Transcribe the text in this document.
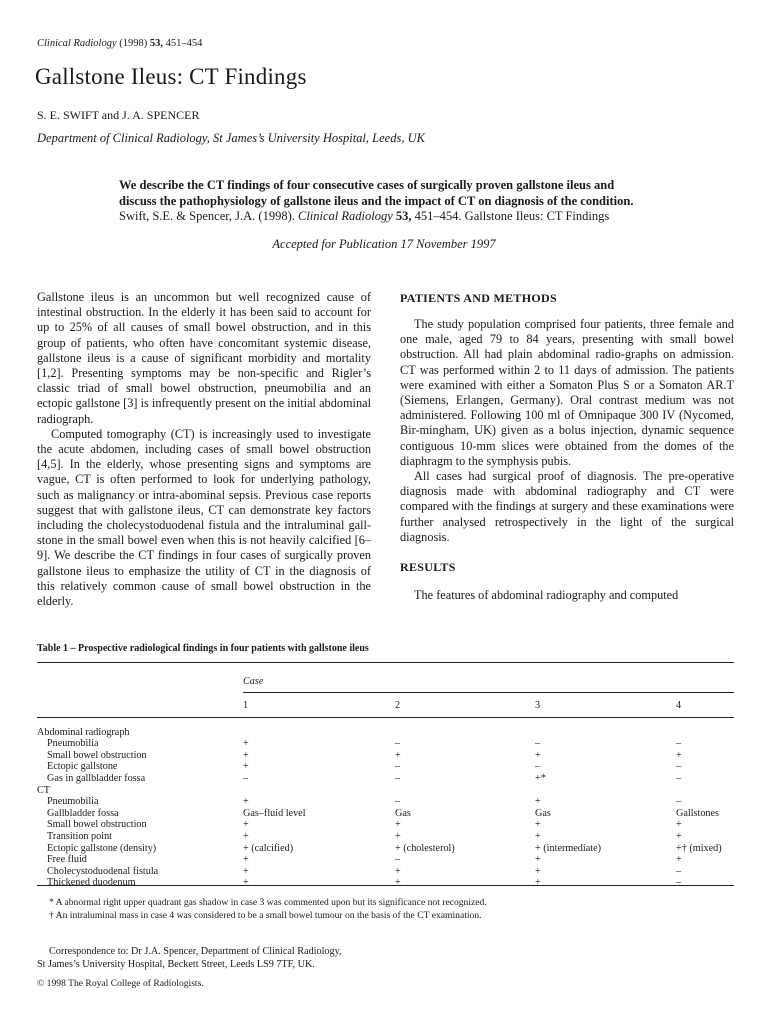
Clinical Radiology (1998) 53, 451–454
Gallstone Ileus: CT Findings
S. E. SWIFT and J. A. SPENCER
Department of Clinical Radiology, St James’s University Hospital, Leeds, UK
We describe the CT findings of four consecutive cases of surgically proven gallstone ileus and discuss the pathophysiology of gallstone ileus and the impact of CT on diagnosis of the condition. Swift, S.E. & Spencer, J.A. (1998). Clinical Radiology 53, 451–454. Gallstone Ileus: CT Findings
Accepted for Publication 17 November 1997

Gallstone ileus is an uncommon but well recognized cause of intestinal obstruction. In the elderly it has been said to account for up to 25% of all causes of small bowel obstruction, and in this group of patients, who often have concomitant systemic disease, gallstone ileus is a cause of significant morbidity and mortality [1,2]. Presenting symptoms may be non-specific and Rigler’s classic triad of small bowel obstruction, pneumobilia and an ectopic gallstone [3] is infrequently present on the initial abdominal radiograph.

Computed tomography (CT) is increasingly used to investigate the acute abdomen, including cases of small bowel obstruction [4,5]. In the elderly, whose presenting signs and symptoms are vague, CT is often performed to look for underlying pathology, such as malignancy or intra-abominal sepsis. Previous case reports suggest that with gallstone ileus, CT can demonstrate key factors including the cholecystoduodenal fistula and the intraluminal gall-stone in the small bowel even when this is not heavily calcified [6–9]. We describe the CT findings in four cases of surgically proven gallstone ileus to emphasize the utility of CT in the diagnosis of this relatively common cause of small bowel obstruction in the elderly.

PATIENTS AND METHODS

The study population comprised four patients, three female and one male, aged 79 to 84 years, presenting with small bowel obstruction. All had plain abdominal radio-graphs on admission. CT was performed within 2 to 11 days of admission. The patients were examined with either a Somaton Plus S or a Somaton AR.T (Siemens, Erlangen, Germany). Oral contrast medium was not administered. Following 100 ml of Omnipaque 300 IV (Nycomed, Bir-mingham, UK) given as a bolus injection, dynamic sequence contiguous 10-mm slices were obtained from the domes of the diaphragm to the symphysis pubis.

All cases had surgical proof of diagnosis. The pre-operative diagnosis made with abdominal radiography and CT were compared with the findings at surgery and these examinations were further analysed retrospectively in the light of the surgical diagnosis.

RESULTS

The features of abdominal radiography and computed

Table 1 – Prospective radiological findings in four patients with gallstone ileus
	Case			
	1	2	3	4
Abdominal radiograph				
Pneumobilia	+	–	–	–
Small bowel obstruction	+	+	+	+
Ectopic gallstone	+	–	–	–
Gas in gallbladder fossa	–	–	+*	–
CT				
Pneumobilia	+	–	+	–
Gallbladder fossa	Gas–fluid level	Gas	Gas	Gallstones
Small bowel obstruction	+	+	+	+
Transition point	+	+	+	+
Ectopic gallstone (density)	+ (calcified)	+ (cholesterol)	+ (intermediate)	+† (mixed)
Free fluid	+	–	+	+
Cholecystoduodenal fistula	+	+	+	–
Thickened duodenum	+	+	+	–
* A abnormal right upper quadrant gas shadow in case 3 was commented upon but its significance not recognized.
† An intraluminal mass in case 4 was considered to be a small bowel tumour on the basis of the CT examination.
Correspondence to: Dr J.A. Spencer, Department of Clinical Radiology,
St James’s University Hospital, Beckett Street, Leeds LS9 7TF, UK.
© 1998 The Royal College of Radiologists.
